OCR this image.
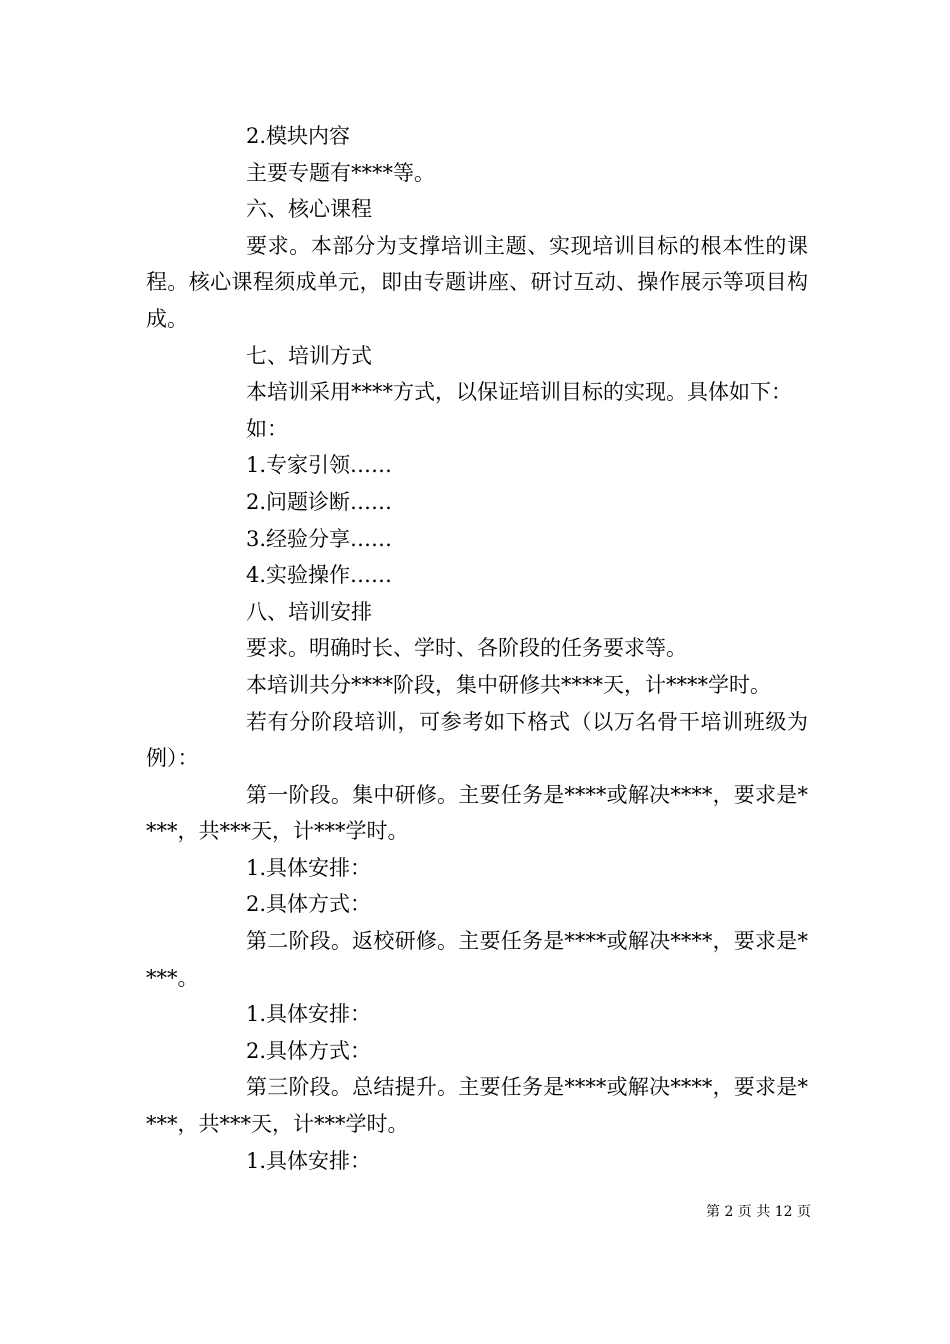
2.模块内容

主要专题有****等。

六、核心课程

要求。本部分为支撑培训主题、实现培训目标的根本性的课程。核心课程须成单元，即由专题讲座、研讨互动、操作展示等项目构成。

七、培训方式

本培训采用****方式，以保证培训目标的实现。具体如下：

如：

1.专家引领……

2.问题诊断……

3.经验分享……

4.实验操作……

八、培训安排

要求。明确时长、学时、各阶段的任务要求等。

本培训共分****阶段，集中研修共****天，计****学时。

若有分阶段培训，可参考如下格式（以万名骨干培训班级为例）：

第一阶段。集中研修。主要任务是****或解决****，要求是****，共***天，计***学时。

1.具体安排：

2.具体方式：

第二阶段。返校研修。主要任务是****或解决****，要求是****。

1.具体安排：

2.具体方式：

第三阶段。总结提升。主要任务是****或解决****，要求是****，共***天，计***学时。

1.具体安排：

第 2 页 共 12 页
